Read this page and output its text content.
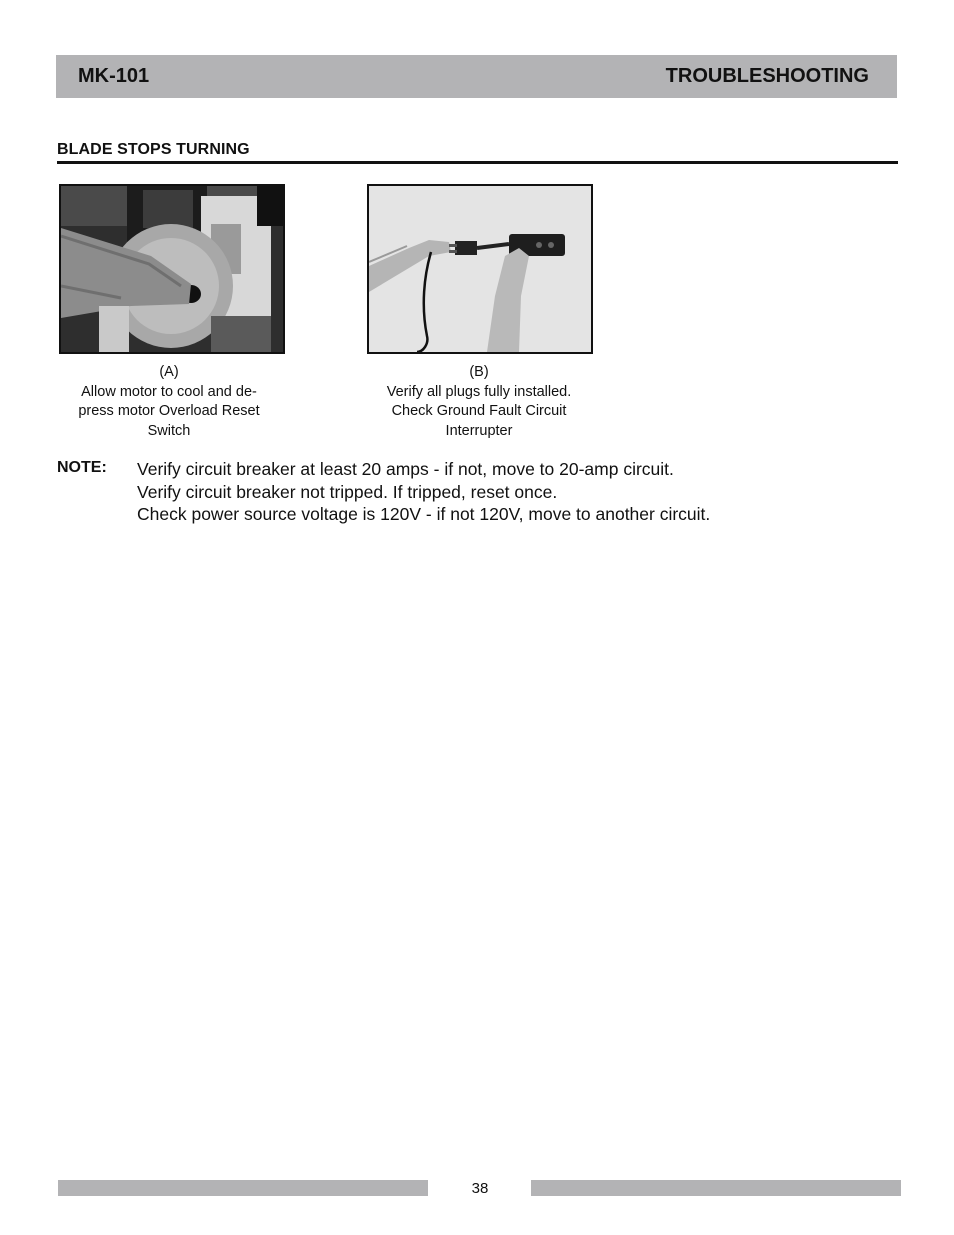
MK-101	TROUBLESHOOTING
BLADE STOPS TURNING
(A)
Allow motor to cool and de-
press motor Overload Reset
Switch
(B)
Verify all plugs fully installed.
Check Ground Fault Circuit
Interrupter
NOTE: Verify circuit breaker at least 20 amps - if not, move to 20-amp circuit.
Verify circuit breaker not tripped. If tripped, reset once.
Check power source voltage is 120V - if not 120V, move to another circuit.
38
